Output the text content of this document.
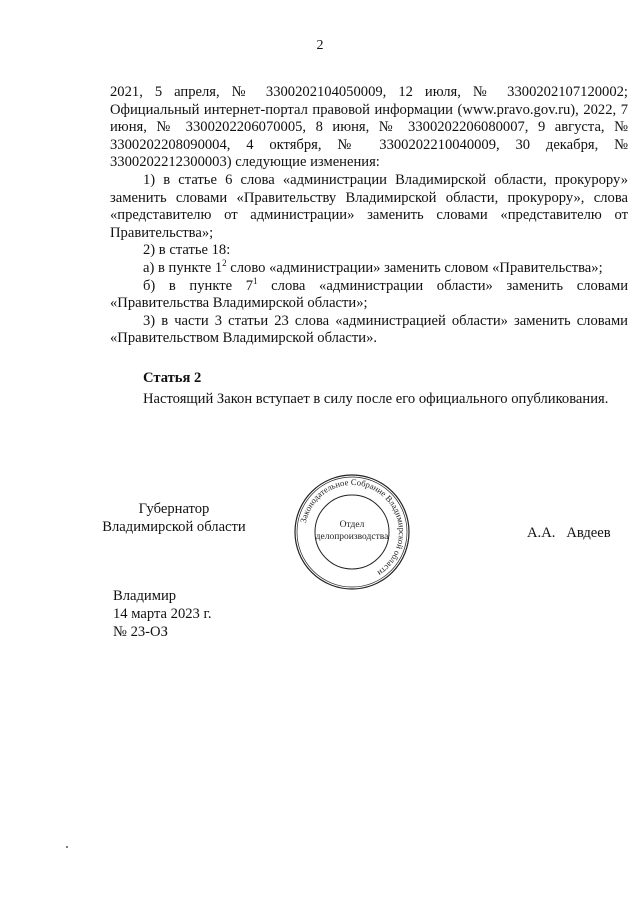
2

2021, 5 апреля, № 3300202104050009, 12 июля, № 3300202107120002; Официальный интернет-портал правовой информации (www.pravo.gov.ru), 2022, 7 июня, № 3300202206070005, 8 июня, № 3300202206080007, 9 августа, № 3300202208090004, 4 октября, № 3300202210040009, 30 декабря, № 3300202212300003) следующие изменения:

1) в статье 6 слова «администрации Владимирской области, прокурору» заменить словами «Правительству Владимирской области, прокурору», слова «представителю от администрации» заменить словами «представителю от Правительства»;

2) в статье 18:

а) в пункте $1^2$ слово «администрации» заменить словом «Правительства»;

б) в пункте $7^1$ слова «администрации области» заменить словами «Правительства Владимирской области»;

3) в части 3 статьи 23 слова «администрацией области» заменить словами «Правительством Владимирской области».

Статья 2
Настоящий Закон вступает в силу после его официального опубликования.
Губернатор
Владимирской области	Законодательное Собрание Владимирской области
Отдел
делопроизводства	А.А.   Авдеев
Владимир
14 марта 2023 г.
№ 23-ОЗ
